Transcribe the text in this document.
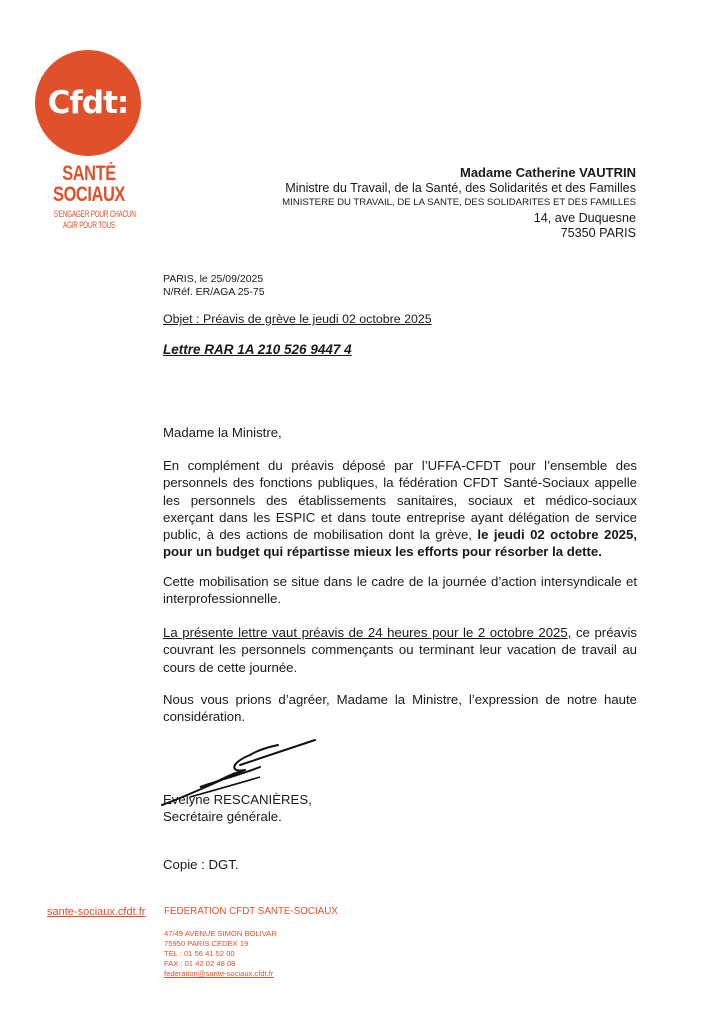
Cfdt:
SANTÉ
SOCIAUX
S'ENGAGER POUR CHACUN
AGIR POUR TOUS
Madame Catherine VAUTRIN
Ministre du Travail, de la Santé, des Solidarités et des Familles
MINISTERE DU TRAVAIL, DE LA SANTE, DES SOLIDARITES ET DES FAMILLES
14, ave Duquesne
75350 PARIS
PARIS, le 25/09/2025
N/Réf. ER/AGA 25-75
Objet : Préavis de grève le jeudi 02 octobre 2025
Lettre RAR 1A 210 526 9447 4
Madame la Ministre,
En complément du préavis déposé par l’UFFA-CFDT pour l’ensemble des personnels des fonctions publiques, la fédération CFDT Santé-Sociaux appelle les personnels des établissements sanitaires, sociaux et médico-sociaux exerçant dans les ESPIC et dans toute entreprise ayant délégation de service public, à des actions de mobilisation dont la grève, le jeudi 02 octobre 2025, pour un budget qui répartisse mieux les efforts pour résorber la dette.
Cette mobilisation se situe dans le cadre de la journée d’action intersyndicale et interprofessionnelle.
La présente lettre vaut préavis de 24 heures pour le 2 octobre 2025, ce préavis couvrant les personnels commençants ou terminant leur vacation de travail au cours de cette journée.
Nous vous prions d’agréer, Madame la Ministre, l’expression de notre haute considération.
Evelyne RESCANIÈRES,
Secrétaire générale.
Copie : DGT.
sante-sociaux.cfdt.fr FEDERATION CFDT SANTE-SOCIAUX
47/49 AVENUE SIMON BOLIVAR
75950 PARIS CEDEX 19
TEL : 01 56 41 52 00
FAX : 01 42 02 48 08
federation@sante-sociaux.cfdt.fr
